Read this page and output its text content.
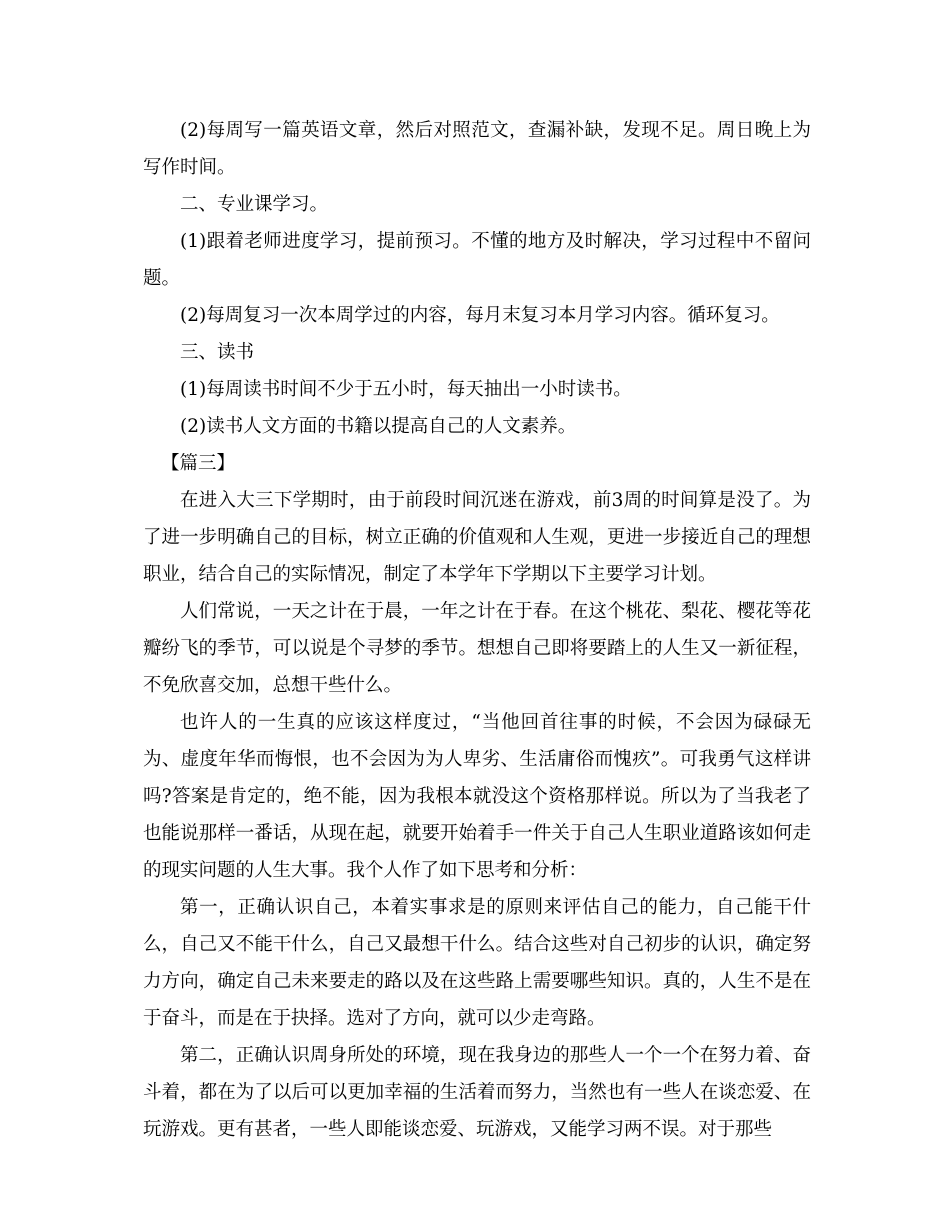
(2)每周写一篇英语文章，然后对照范文，查漏补缺，发现不足。周日晚上为写作时间。

二、专业课学习。

(1)跟着老师进度学习，提前预习。不懂的地方及时解决，学习过程中不留问题。

(2)每周复习一次本周学过的内容，每月末复习本月学习内容。循环复习。

三、读书

(1)每周读书时间不少于五小时，每天抽出一小时读书。

(2)读书人文方面的书籍以提高自己的人文素养。

【篇三】

在进入大三下学期时，由于前段时间沉迷在游戏，前3周的时间算是没了。为了进一步明确自己的目标，树立正确的价值观和人生观，更进一步接近自己的理想职业，结合自己的实际情况，制定了本学年下学期以下主要学习计划。

人们常说，一天之计在于晨，一年之计在于春。在这个桃花、梨花、樱花等花瓣纷飞的季节，可以说是个寻梦的季节。想想自己即将要踏上的人生又一新征程，不免欣喜交加，总想干些什么。

也许人的一生真的应该这样度过，“当他回首往事的时候，不会因为碌碌无为、虚度年华而悔恨，也不会因为为人卑劣、生活庸俗而愧疚”。可我勇气这样讲吗?答案是肯定的，绝不能，因为我根本就没这个资格那样说。所以为了当我老了也能说那样一番话，从现在起，就要开始着手一件关于自己人生职业道路该如何走的现实问题的人生大事。我个人作了如下思考和分析：

第一，正确认识自己，本着实事求是的原则来评估自己的能力，自己能干什么，自己又不能干什么，自己又最想干什么。结合这些对自己初步的认识，确定努力方向，确定自己未来要走的路以及在这些路上需要哪些知识。真的，人生不是在于奋斗，而是在于抉择。选对了方向，就可以少走弯路。

第二，正确认识周身所处的环境，现在我身边的那些人一个一个在努力着、奋斗着，都在为了以后可以更加幸福的生活着而努力，当然也有一些人在谈恋爱、在玩游戏。更有甚者，一些人即能谈恋爱、玩游戏，又能学习两不误。对于那些
